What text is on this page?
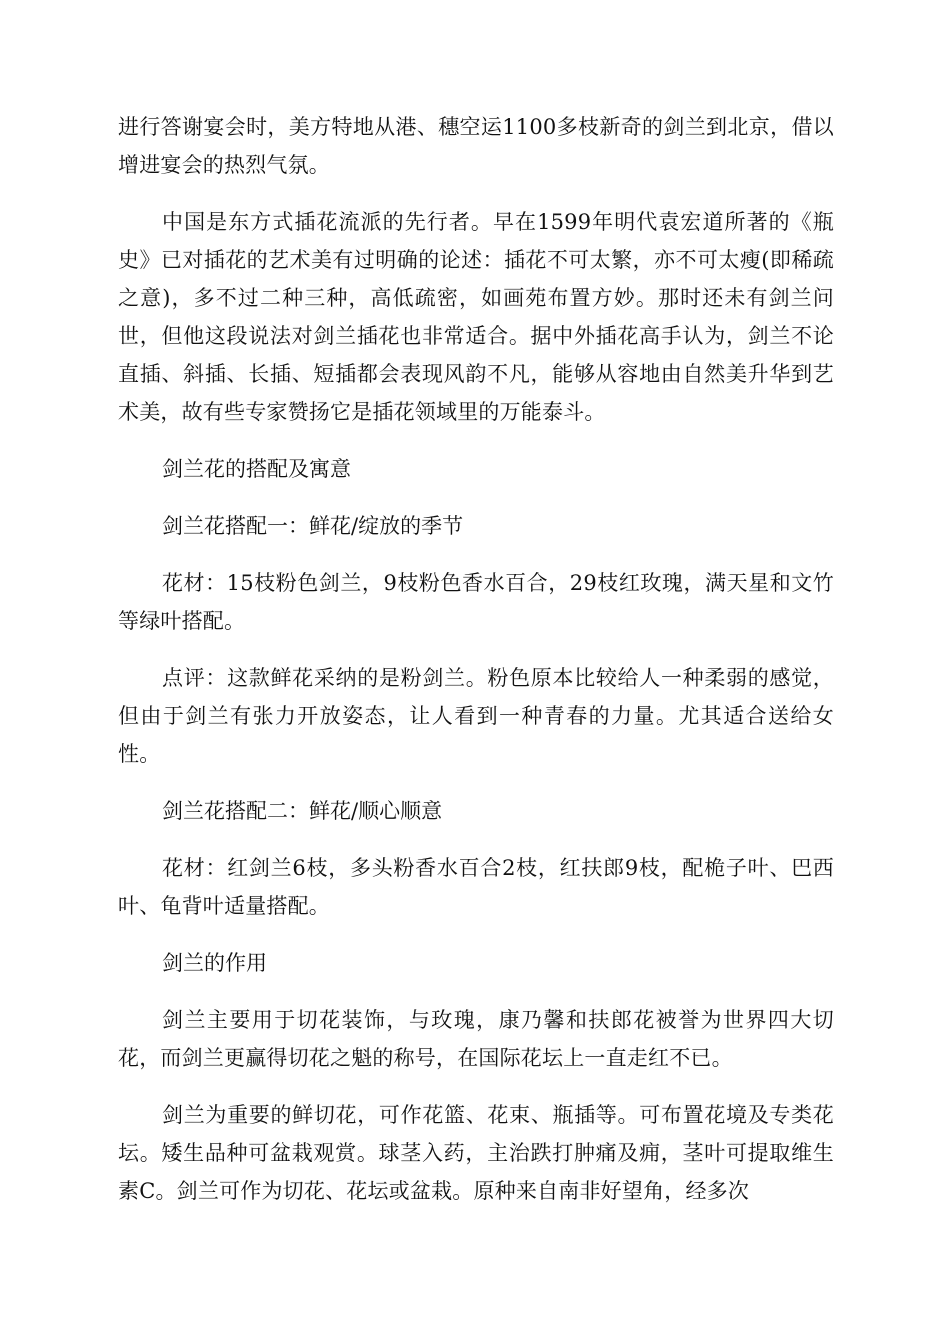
进行答谢宴会时，美方特地从港、穗空运1100多枝新奇的剑兰到北京，借以增进宴会的热烈气氛。

中国是东方式插花流派的先行者。早在1599年明代袁宏道所著的《瓶史》已对插花的艺术美有过明确的论述：插花不可太繁，亦不可太瘦(即稀疏之意)，多不过二种三种，高低疏密，如画苑布置方妙。那时还未有剑兰问世，但他这段说法对剑兰插花也非常适合。据中外插花高手认为，剑兰不论直插、斜插、长插、短插都会表现风韵不凡，能够从容地由自然美升华到艺术美，故有些专家赞扬它是插花领域里的万能泰斗。

剑兰花的搭配及寓意

剑兰花搭配一：鲜花/绽放的季节

花材：15枝粉色剑兰，9枝粉色香水百合，29枝红玫瑰，满天星和文竹等绿叶搭配。

点评：这款鲜花采纳的是粉剑兰。粉色原本比较给人一种柔弱的感觉，但由于剑兰有张力开放姿态，让人看到一种青春的力量。尤其适合送给女性。

剑兰花搭配二：鲜花/顺心顺意

花材：红剑兰6枝，多头粉香水百合2枝，红扶郎9枝，配桅子叶、巴西叶、龟背叶适量搭配。

剑兰的作用

剑兰主要用于切花装饰，与玫瑰，康乃馨和扶郎花被誉为世界四大切花，而剑兰更赢得切花之魁的称号，在国际花坛上一直走红不已。

剑兰为重要的鲜切花，可作花篮、花束、瓶插等。可布置花境及专类花坛。矮生品种可盆栽观赏。球茎入药，主治跌打肿痛及痈，茎叶可提取维生素C。剑兰可作为切花、花坛或盆栽。原种来自南非好望角，经多次
